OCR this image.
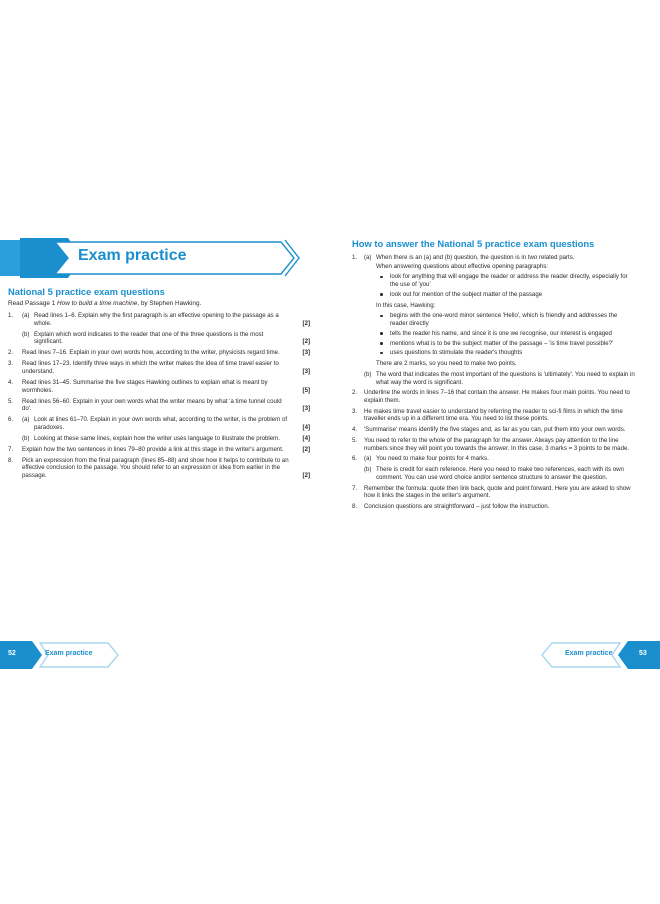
Exam practice
National 5 practice exam questions

Read Passage 1 How to build a time machine, by Stephen Hawking.

1. (a) Read lines 1–6. Explain why the first paragraph is an effective opening to the passage as a whole.	[2]
(b) Explain which word indicates to the reader that one of the three questions is the most significant.	[2]
2. Read lines 7–16. Explain in your own words how, according to the writer, physicists regard time.	[3]
3. Read lines 17–23. Identify three ways in which the writer makes the idea of time travel easier to understand.	[3]
4. Read lines 31–45. Summarise the five stages Hawking outlines to explain what is meant by wormholes.	[5]
5. Read lines 56–60. Explain in your own words what the writer means by what 'a time tunnel could do'.	[3]
6. (a) Look at lines 61–70. Explain in your own words what, according to the writer, is the problem of paradoxes.	[4]
(b) Looking at these same lines, explain how the writer uses language to illustrate the problem.	[4]
7. Explain how the two sentences in lines 79–80 provide a link at this stage in the writer's argument.	[2]
8. Pick an expression from the final paragraph (lines 85–88) and show how it helps to contribute to an effective conclusion to the passage. You should refer to an expression or idea from earlier in the passage.	[2]

52	Exam practice

How to answer the National 5 practice exam questions
1. (a) When there is an (a) and (b) question, the question is in two related parts.

When answering questions about effective opening paragraphs:

look for anything that will engage the reader or address the reader directly, especially for the use of 'you'
look out for mention of the subject matter of the passage

In this case, Hawking:

begins with the one-word minor sentence 'Hello', which is friendly and addresses the reader directly
tells the reader his name, and since it is one we recognise, our interest is engaged
mentions what is to be the subject matter of the passage – 'is time travel possible?'
uses questions to stimulate the reader's thoughts

There are 2 marks, so you need to make two points.

(b) The word that indicates the most important of the questions is 'ultimately'. You need to explain in what way the word is significant.

2. Underline the words in lines 7–16 that contain the answer. He makes four main points. You need to explain them.

3. He makes time travel easier to understand by referring the reader to sci-fi films in which the time traveller ends up in a different time era. You need to list these points.

4. 'Summarise' means identify the five stages and, as far as you can, put them into your own words.

5. You need to refer to the whole of the paragraph for the answer. Always pay attention to the line numbers since they will point you towards the answer. In this case, 3 marks = 3 points to be made.

6. (a) You need to make four points for 4 marks.

(b) There is credit for each reference. Here you need to make two references, each with its own comment. You can use word choice and/or sentence structure to answer the question.

7. Remember the formula: quote then link back, quote and point forward. Here you are asked to show how it links the stages in the writer's argument.

8. Conclusion questions are straightforward – just follow the instruction.

Exam practice	53
